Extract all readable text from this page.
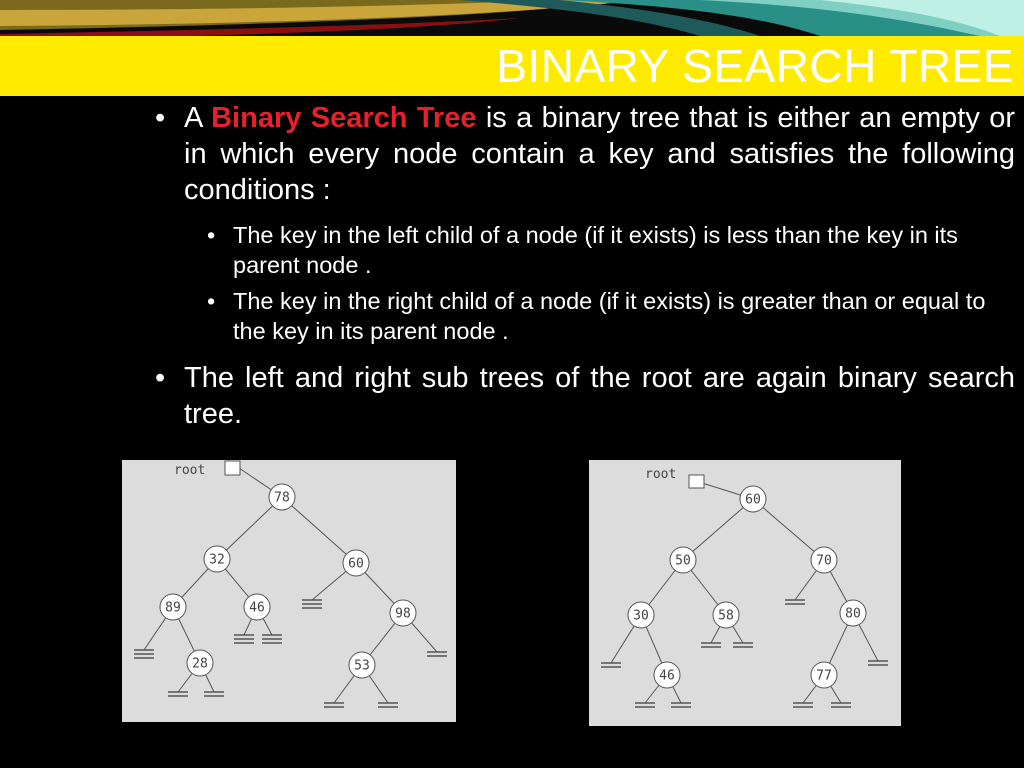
BINARY SEARCH TREE
• A Binary Search Tree is a binary tree that is either an empty or in which every node contain a key and satisfies the following conditions :
• The key in the left child of a node (if it exists) is less than the key in its parent node .
• The key in the right child of a node (if it exists) is greater than or equal to the key in its parent node .
• The left and right sub trees of the root are again binary search tree.
root
78
32	60
89	46	98
28	53
root
60
50	70
30	58	80
46	77
